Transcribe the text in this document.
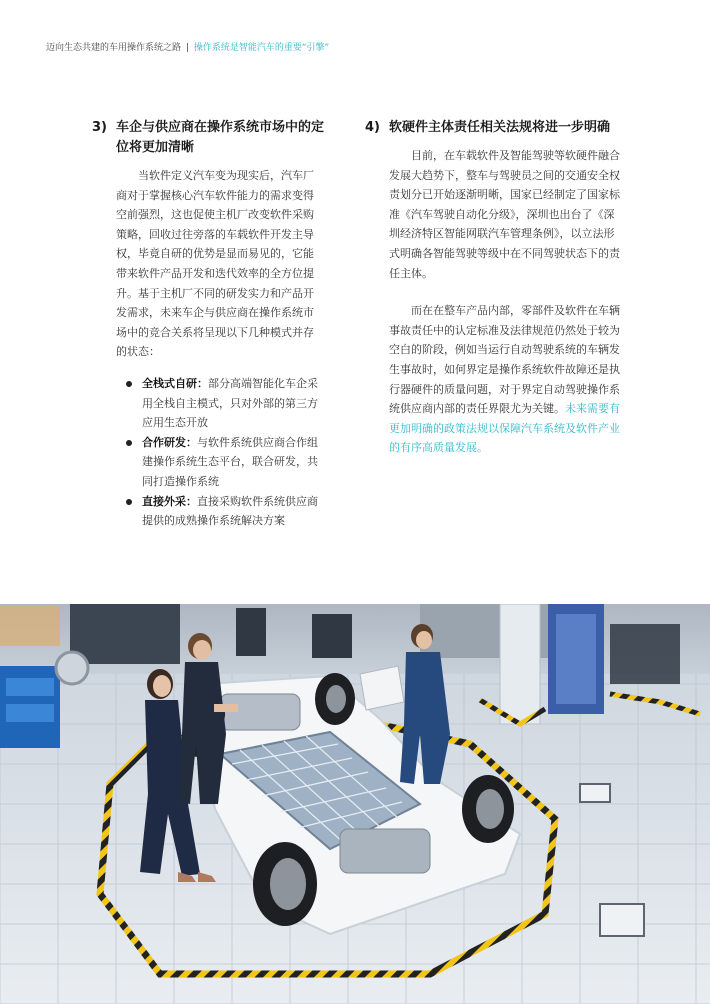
迈向生态共建的车用操作系统之路 | 操作系统是智能汽车的重要“引擎”
3) 车企与供应商在操作系统市场中的定位将更加清晰

当软件定义汽车变为现实后，汽车厂商对于掌握核心汽车软件能力的需求变得空前强烈，这也促使主机厂改变软件采购策略，回收过往旁落的车载软件开发主导权，毕竟自研的优势是显而易见的，它能带来软件产品开发和迭代效率的全方位提升。基于主机厂不同的研发实力和产品开发需求，未来车企与供应商在操作系统市场中的竞合关系将呈现以下几种模式并存的状态：

全栈式自研：部分高端智能化车企采用全栈自主模式，只对外部的第三方应用生态开放
合作研发：与软件系统供应商合作组建操作系统生态平台，联合研发，共同打造操作系统
直接外采：直接采购软件系统供应商提供的成熟操作系统解决方案
4) 软硬件主体责任相关法规将进一步明确

目前，在车载软件及智能驾驶等软硬件融合发展大趋势下，整车与驾驶员之间的交通安全权责划分已开始逐渐明晰，国家已经制定了国家标准《汽车驾驶自动化分级》，深圳也出台了《深圳经济特区智能网联汽车管理条例》，以立法形式明确各智能驾驶等级中在不同驾驶状态下的责任主体。

而在在整车产品内部，零部件及软件在车辆事故责任中的认定标准及法律规范仍然处于较为空白的阶段，例如当运行自动驾驶系统的车辆发生事故时，如何界定是操作系统软件故障还是执行器硬件的质量问题，对于界定自动驾驶操作系统供应商内部的责任界限尤为关键。未来需要有更加明确的政策法规以保障汽车系统及软件产业的有序高质量发展。
